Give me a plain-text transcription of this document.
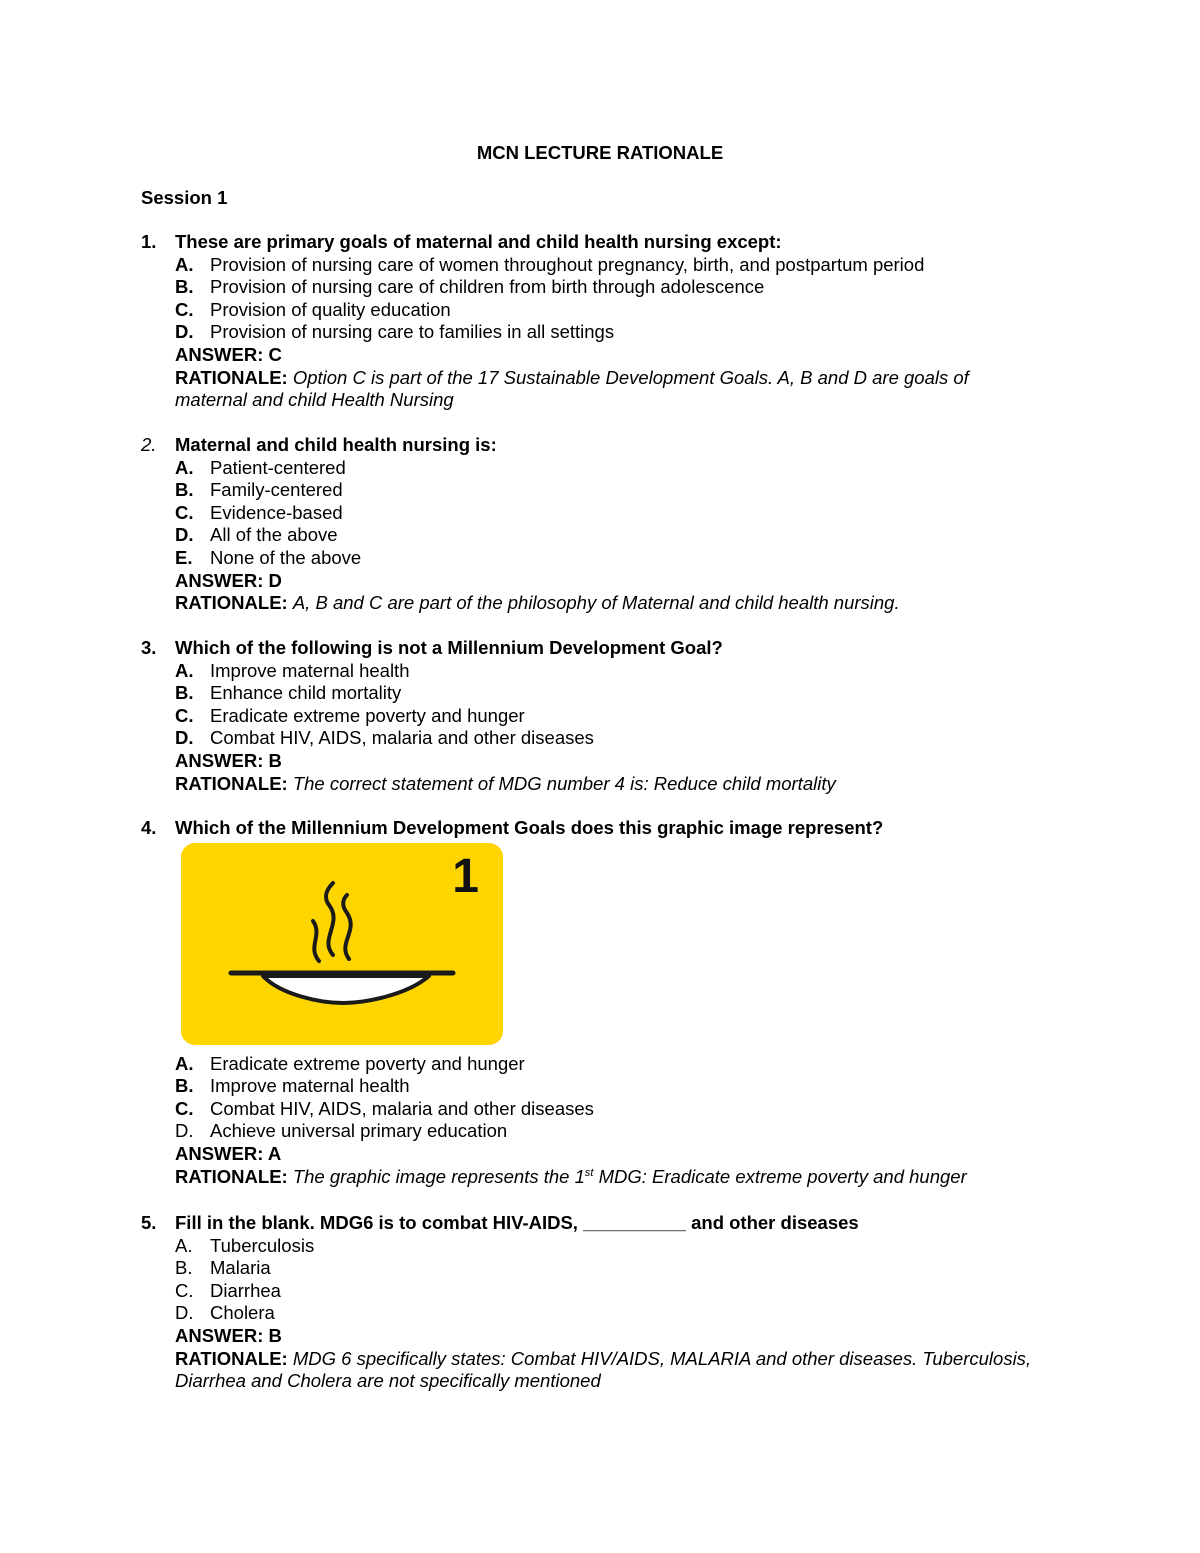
MCN LECTURE RATIONALE
Session 1
1.	These are primary goals of maternal and child health nursing except:
A. Provision of nursing care of women throughout pregnancy, birth, and postpartum period
B. Provision of nursing care of children from birth through adolescence
C. Provision of quality education
D. Provision of nursing care to families in all settings
ANSWER: C
RATIONALE: Option C is part of the 17 Sustainable Development Goals. A, B and D are goals of maternal and child Health Nursing
2.	Maternal and child health nursing is:
A. Patient-centered
B. Family-centered
C. Evidence-based
D. All of the above
E. None of the above
ANSWER: D
RATIONALE: A, B and C are part of the philosophy of Maternal and child health nursing.
3.	Which of the following is not a Millennium Development Goal?
A. Improve maternal health
B. Enhance child mortality
C. Eradicate extreme poverty and hunger
D. Combat HIV, AIDS, malaria and other diseases
ANSWER: B
RATIONALE: The correct statement of MDG number 4 is: Reduce child mortality
4.	Which of the Millennium Development Goals does this graphic image represent?
1
A. Eradicate extreme poverty and hunger
B. Improve maternal health
C. Combat HIV, AIDS, malaria and other diseases
D. Achieve universal primary education
ANSWER: A
RATIONALE: The graphic image represents the 1st MDG: Eradicate extreme poverty and hunger
5.	Fill in the blank. MDG6 is to combat HIV-AIDS, __________ and other diseases
A. Tuberculosis
B. Malaria
C. Diarrhea
D. Cholera
ANSWER: B
RATIONALE: MDG 6 specifically states: Combat HIV/AIDS, MALARIA and other diseases. Tuberculosis, Diarrhea and Cholera are not specifically mentioned
